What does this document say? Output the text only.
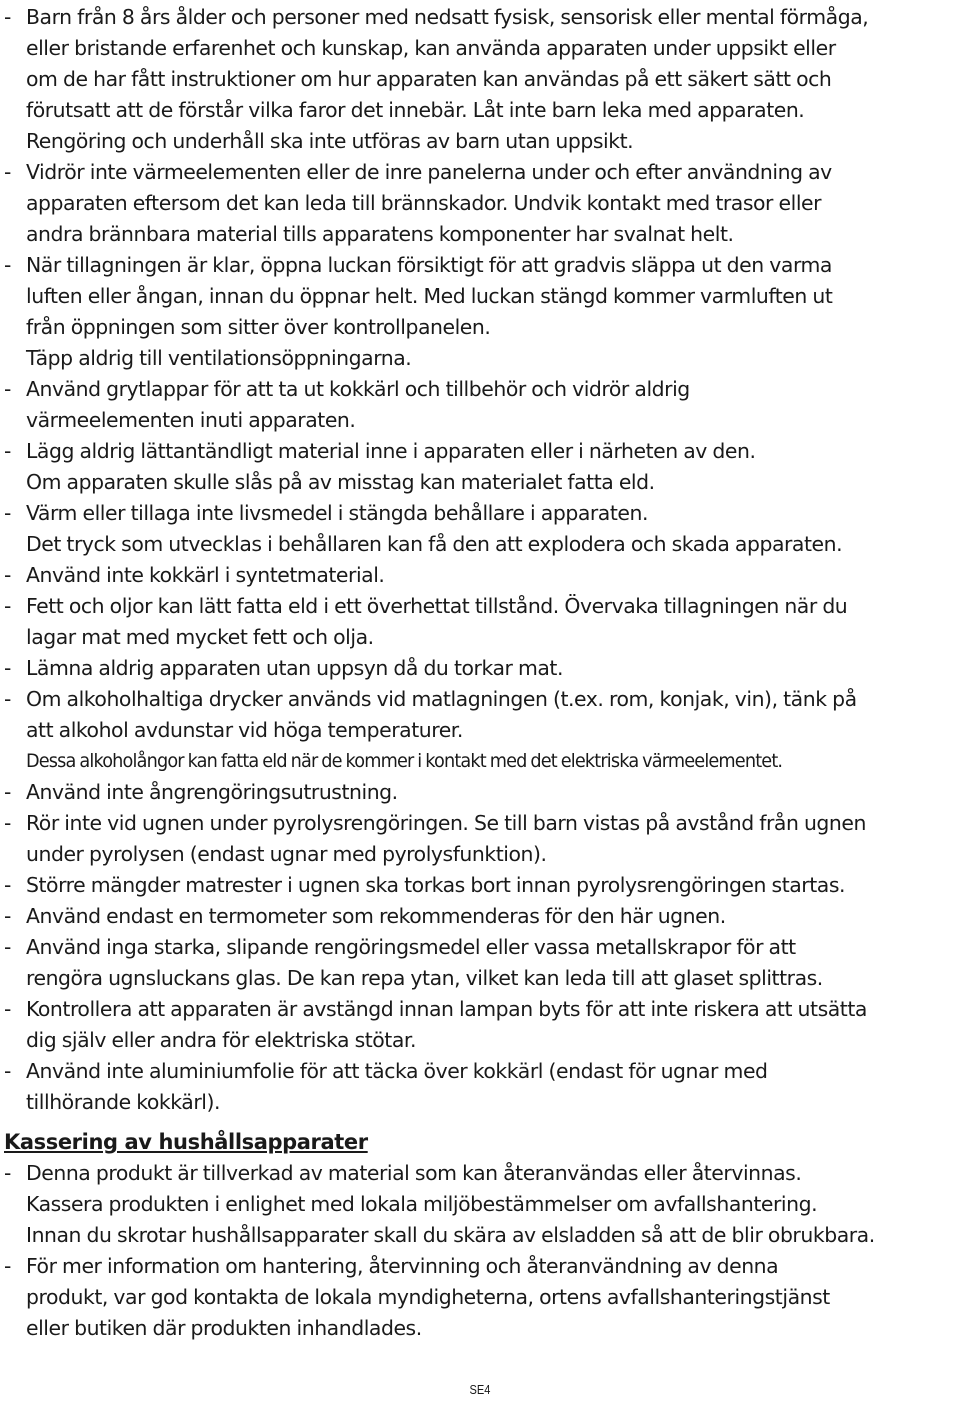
- Barn från 8 års ålder och personer med nedsatt fysisk, sensorisk eller mental förmåga,
eller bristande erfarenhet och kunskap, kan använda apparaten under uppsikt eller
om de har fått instruktioner om hur apparaten kan användas på ett säkert sätt och
förutsatt att de förstår vilka faror det innebär. Låt inte barn leka med apparaten.
Rengöring och underhåll ska inte utföras av barn utan uppsikt.
- Vidrör inte värmeelementen eller de inre panelerna under och efter användning av
apparaten eftersom det kan leda till brännskador. Undvik kontakt med trasor eller
andra brännbara material tills apparatens komponenter har svalnat helt.
- När tillagningen är klar, öppna luckan försiktigt för att gradvis släppa ut den varma
luften eller ångan, innan du öppnar helt. Med luckan stängd kommer varmluften ut
från öppningen som sitter över kontrollpanelen.
Täpp aldrig till ventilationsöppningarna.
- Använd grytlappar för att ta ut kokkärl och tillbehör och vidrör aldrig
värmeelementen inuti apparaten.
- Lägg aldrig lättantändligt material inne i apparaten eller i närheten av den.
Om apparaten skulle slås på av misstag kan materialet fatta eld.
- Värm eller tillaga inte livsmedel i stängda behållare i apparaten.
Det tryck som utvecklas i behållaren kan få den att explodera och skada apparaten.
- Använd inte kokkärl i syntetmaterial.
- Fett och oljor kan lätt fatta eld i ett överhettat tillstånd. Övervaka tillagningen när du
lagar mat med mycket fett och olja.
- Lämna aldrig apparaten utan uppsyn då du torkar mat.
- Om alkoholhaltiga drycker används vid matlagningen (t.ex. rom, konjak, vin), tänk på
att alkohol avdunstar vid höga temperaturer.
Dessa alkoholångor kan fatta eld när de kommer i kontakt med det elektriska värmeelementet.
- Använd inte ångrengöringsutrustning.
- Rör inte vid ugnen under pyrolysrengöringen. Se till barn vistas på avstånd från ugnen
under pyrolysen (endast ugnar med pyrolysfunktion).
- Större mängder matrester i ugnen ska torkas bort innan pyrolysrengöringen startas.
- Använd endast en termometer som rekommenderas för den här ugnen.
- Använd inga starka, slipande rengöringsmedel eller vassa metallskrapor för att
rengöra ugnsluckans glas. De kan repa ytan, vilket kan leda till att glaset splittras.
- Kontrollera att apparaten är avstängd innan lampan byts för att inte riskera att utsätta
dig själv eller andra för elektriska stötar.
- Använd inte aluminiumfolie för att täcka över kokkärl (endast för ugnar med
tillhörande kokkärl).
Kassering av hushållsapparater
- Denna produkt är tillverkad av material som kan återanvändas eller återvinnas.
Kassera produkten i enlighet med lokala miljöbestämmelser om avfallshantering.
Innan du skrotar hushållsapparater skall du skära av elsladden så att de blir obrukbara.
- För mer information om hantering, återvinning och återanvändning av denna
produkt, var god kontakta de lokala myndigheterna, ortens avfallshanteringstjänst
eller butiken där produkten inhandlades.
SE4
